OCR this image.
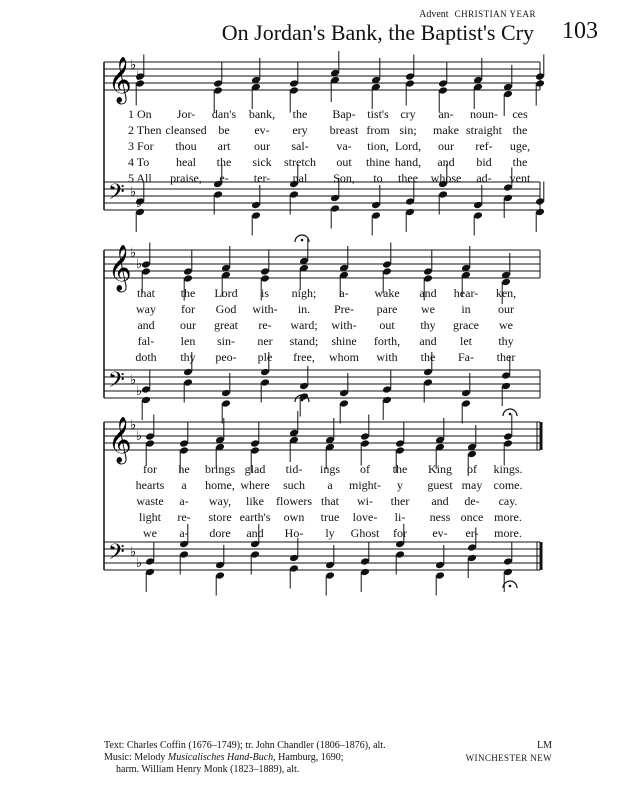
Advent CHRISTIAN YEAR
On Jordan's Bank, the Baptist's Cry 103
𝄞
♭
𝄢 ♭
𝄞
♭
♭
𝄢 ♭
♭
𝄞
♭
♭
𝄢 ♭
♭
1 On Jor- dan's bank, the Bap- tist's cry an- noun- ces
2 Then cleansed be ev- ery breast from sin; make straight the
3 For thou art our sal- va- tion, Lord, our ref- uge,
4 To heal the sick stretch out thine hand, and bid the
5 All praise, e- ter- nal Son, to thee whose ad- vent
that the Lord is nigh; a- wake and hear- ken,
way for God with- in. Pre- pare we in our
and our great re- ward; with- out thy grace we
fal- len sin- ner stand; shine forth, and let thy
doth thy peo- ple free, whom with the Fa- ther
for he brings glad tid- ings of the King of kings.
hearts a home, where such a might- y guest may come.
waste a- way, like flowers that wi- ther and de- cay.
light re- store earth's own true love- li- ness once more.
we a- dore and Ho- ly Ghost for ev- er- more.
Text: Charles Coffin (1676–1749); tr. John Chandler (1806–1876), alt.
Music: Melody Musicalisches Hand-Buch, Hamburg, 1690;
harm. William Henry Monk (1823–1889), alt.
LM
WINCHESTER NEW
